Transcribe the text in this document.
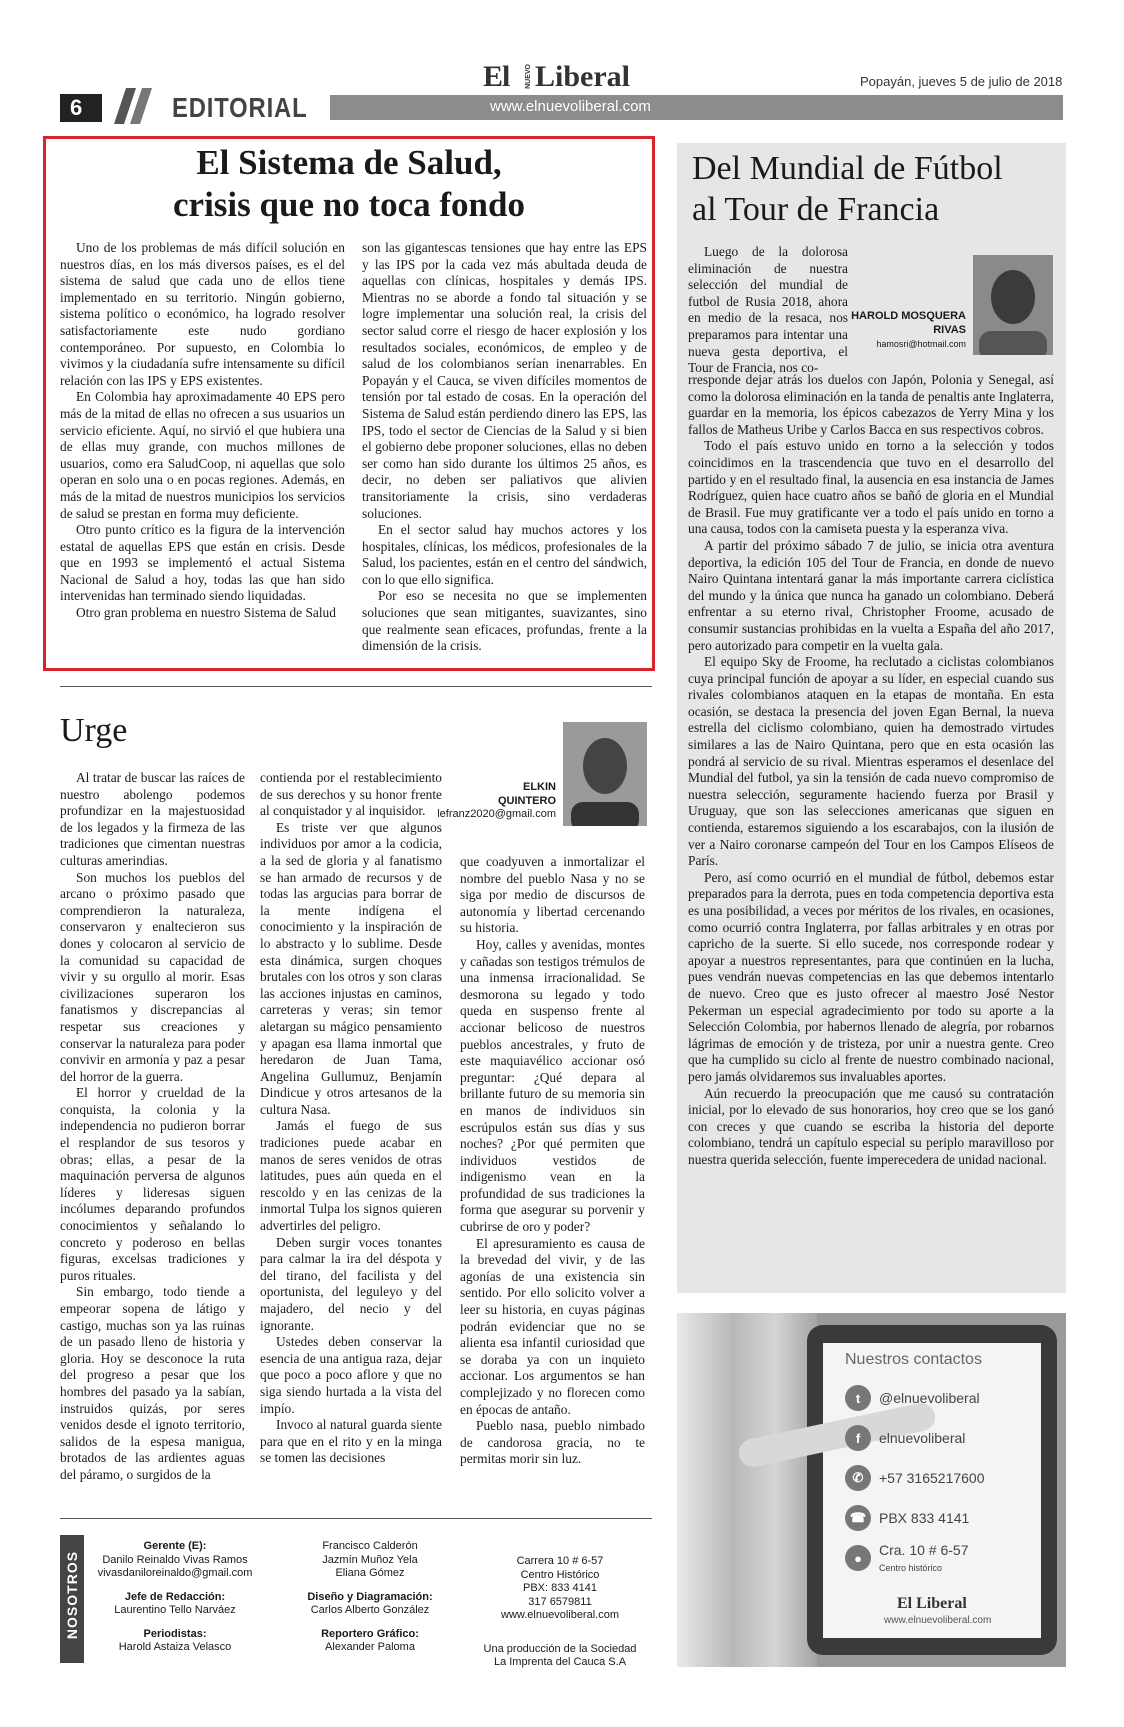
6	EDITORIAL	www.elnuevoliberal.com
El NUEVO Liberal	Popayán, jueves 5 de julio de 2018
El Sistema de Salud,
crisis que no toca fondo

Uno de los problemas de más difícil solución en nuestros días, en los más diversos países, es el del sistema de salud que cada uno de ellos tiene implementado en su territorio. Ningún gobierno, sistema político o económico, ha logrado resolver satisfactoriamente este nudo gordiano contemporáneo. Por supuesto, en Colombia lo vivimos y la ciudadanía sufre intensamente su difícil relación con las IPS y EPS existentes.

En Colombia hay aproximadamente 40 EPS pero más de la mitad de ellas no ofrecen a sus usuarios un servicio eficiente. Aquí, no sirvió el que hubiera una de ellas muy grande, con muchos millones de usuarios, como era SaludCoop, ni aquellas que solo operan en solo una o en pocas regiones. Además, en más de la mitad de nuestros municipios los servicios de salud se prestan en forma muy deficiente.

Otro punto crítico es la figura de la intervención estatal de aquellas EPS que están en crisis. Desde que en 1993 se implementó el actual Sistema Nacional de Salud a hoy, todas las que han sido intervenidas han terminado siendo liquidadas.

Otro gran problema en nuestro Sistema de Salud

son las gigantescas tensiones que hay entre las EPS y las IPS por la cada vez más abultada deuda de aquellas con clínicas, hospitales y demás IPS. Mientras no se aborde a fondo tal situación y se logre implementar una solución real, la crisis del sector salud corre el riesgo de hacer explosión y los resultados sociales, económicos, de empleo y de salud de los colombianos serían inenarrables. En Popayán y el Cauca, se viven difíciles momentos de tensión por tal estado de cosas. En la operación del Sistema de Salud están perdiendo dinero las EPS, las IPS, todo el sector de Ciencias de la Salud y si bien el gobierno debe proponer soluciones, ellas no deben ser como han sido durante los últimos 25 años, es decir, no deben ser paliativos que alivien transitoriamente la crisis, sino verdaderas soluciones.

En el sector salud hay muchos actores y los hospitales, clínicas, los médicos, profesionales de la Salud, los pacientes, están en el centro del sándwich, con lo que ello significa.

Por eso se necesita no que se implementen soluciones que sean mitigantes, suavizantes, sino que realmente sean eficaces, profundas, frente a la dimensión de la crisis.

Del Mundial de Fútbol
al Tour de Francia
HAROLD MOSQUERA
RIVAS
hamosri@hotmail.com

Luego de la dolorosa eliminación de nuestra selección del mundial de futbol de Rusia 2018, ahora en medio de la resaca, nos preparamos para intentar una nueva gesta deportiva, el Tour de Francia, nos co-

rresponde dejar atrás los duelos con Japón, Polonia y Senegal, así como la dolorosa eliminación en la tanda de penaltis ante Inglaterra, guardar en la memoria, los épicos cabezazos de Yerry Mina y los fallos de Matheus Uribe y Carlos Bacca en sus respectivos cobros.

Todo el país estuvo unido en torno a la selección y todos coincidimos en la trascendencia que tuvo en el desarrollo del partido y en el resultado final, la ausencia en esa instancia de James Rodríguez, quien hace cuatro años se bañó de gloria en el Mundial de Brasil. Fue muy gratificante ver a todo el país unido en torno a una causa, todos con la camiseta puesta y la esperanza viva.

A partir del próximo sábado 7 de julio, se inicia otra aventura deportiva, la edición 105 del Tour de Francia, en donde de nuevo Nairo Quintana intentará ganar la más importante carrera ciclística del mundo y la única que nunca ha ganado un colombiano. Deberá enfrentar a su eterno rival, Christopher Froome, acusado de consumir sustancias prohibidas en la vuelta a España del año 2017, pero autorizado para competir en la vuelta gala.

El equipo Sky de Froome, ha reclutado a ciclistas colombianos cuya principal función de apoyar a su líder, en especial cuando sus rivales colombianos ataquen en la etapas de montaña. En esta ocasión, se destaca la presencia del joven Egan Bernal, la nueva estrella del ciclismo colombiano, quien ha demostrado virtudes similares a las de Nairo Quintana, pero que en esta ocasión las pondrá al servicio de su rival. Mientras esperamos el desenlace del Mundial del futbol, ya sin la tensión de cada nuevo compromiso de nuestra selección, seguramente haciendo fuerza por Brasil y Uruguay, que son las selecciones americanas que siguen en contienda, estaremos siguiendo a los escarabajos, con la ilusión de ver a Nairo coronarse campeón del Tour en los Campos Elíseos de París.

Pero, así como ocurrió en el mundial de fútbol, debemos estar preparados para la derrota, pues en toda competencia deportiva esta es una posibilidad, a veces por méritos de los rivales, en ocasiones, como ocurrió contra Inglaterra, por fallas arbitrales y en otras por capricho de la suerte. Si ello sucede, nos corresponde rodear y apoyar a nuestros representantes, para que continúen en la lucha, pues vendrán nuevas competencias en las que debemos intentarlo de nuevo. Creo que es justo ofrecer al maestro José Nestor Pekerman un especial agradecimiento por todo su aporte a la Selección Colombia, por habernos llenado de alegría, por robarnos lágrimas de emoción y de tristeza, por unir a nuestra gente. Creo que ha cumplido su ciclo al frente de nuestro combinado nacional, pero jamás olvidaremos sus invaluables aportes.

Aún recuerdo la preocupación que me causó su contratación inicial, por lo elevado de sus honorarios, hoy creo que se los ganó con creces y que cuando se escriba la historia del deporte colombiano, tendrá un capítulo especial su periplo maravilloso por nuestra querida selección, fuente imperecedera de unidad nacional.

Urge
ELKIN
QUINTERO
lefranz2020@gmail.com

Al tratar de buscar las raíces de nuestro abolengo podemos profundizar en la majestuosidad de los legados y la firmeza de las tradiciones que cimentan nuestras culturas amerindias.

Son muchos los pueblos del arcano o próximo pasado que comprendieron la naturaleza, conservaron y enaltecieron sus dones y colocaron al servicio de la comunidad su capacidad de vivir y su orgullo al morir. Esas civilizaciones superaron los fanatismos y discrepancias al respetar sus creaciones y conservar la naturaleza para poder convivir en armonía y paz a pesar del horror de la guerra.

El horror y crueldad de la conquista, la colonia y la independencia no pudieron borrar el resplandor de sus tesoros y obras; ellas, a pesar de la maquinación perversa de algunos líderes y lideresas siguen incólumes deparando profundos conocimientos y señalando lo concreto y poderoso en bellas figuras, excelsas tradiciones y puros rituales.

Sin embargo, todo tiende a empeorar sopena de látigo y castigo, muchas son ya las ruinas de un pasado lleno de historia y gloria. Hoy se desconoce la ruta del progreso a pesar que los hombres del pasado ya la sabían, instruidos quizás, por seres venidos desde el ignoto territorio, salidos de la espesa manigua, brotados de las ardientes aguas del páramo, o surgidos de la

contienda por el restablecimiento de sus derechos y su honor frente al conquistador y al inquisidor.

Es triste ver que algunos individuos por amor a la codicia, a la sed de gloria y al fanatismo se han armado de recursos y de todas las argucias para borrar de la mente indígena el conocimiento y la inspiración de lo abstracto y lo sublime. Desde esta dinámica, surgen choques brutales con los otros y son claras las acciones injustas en caminos, carreteras y veras; sin temor aletargan su mágico pensamiento y apagan esa llama inmortal que heredaron de Juan Tama, Angelina Gullumuz, Benjamín Dindicue y otros artesanos de la cultura Nasa.

Jamás el fuego de sus tradiciones puede acabar en manos de seres venidos de otras latitudes, pues aún queda en el rescoldo y en las cenizas de la inmortal Tulpa los signos quieren advertirles del peligro.

Deben surgir voces tonantes para calmar la ira del déspota y del tirano, del facilista y del oportunista, del leguleyo y del majadero, del necio y del ignorante.

Ustedes deben conservar la esencia de una antigua raza, dejar que poco a poco aflore y que no siga siendo hurtada a la vista del impío.

Invoco al natural guarda siente para que en el rito y en la minga se tomen las decisiones

que coadyuven a inmortalizar el nombre del pueblo Nasa y no se siga por medio de discursos de autonomía y libertad cercenando su historia.

Hoy, calles y avenidas, montes y cañadas son testigos trémulos de una inmensa irracionalidad. Se desmorona su legado y todo queda en suspenso frente al accionar belicoso de nuestros pueblos ancestrales, y fruto de este maquiavélico accionar osó preguntar: ¿Qué depara al brillante futuro de su memoria sin en manos de individuos sin escrúpulos están sus días y sus noches? ¿Por qué permiten que individuos vestidos de indigenismo vean en la profundidad de sus tradiciones la forma que asegurar su porvenir y cubrirse de oro y poder?

El apresuramiento es causa de la brevedad del vivir, y de las agonías de una existencia sin sentido. Por ello solicito volver a leer su historia, en cuyas páginas podrán evidenciar que no se alienta esa infantil curiosidad que se doraba ya con un inquieto accionar. Los argumentos se han complejizado y no florecen como en épocas de antaño.

Pueblo nasa, pueblo nimbado de candorosa gracia, no te permitas morir sin luz.

NOSOTROS
Gerente (E):
Danilo Reinaldo Vivas Ramos
vivasdaniloreinaldo@gmail.com
Jefe de Redacción:
Laurentino Tello Narváez
Periodistas:
Harold Astaiza Velasco
Francisco Calderón
Jazmín Muñoz Yela
Eliana Gómez
Diseño y Diagramación:
Carlos Alberto González
Reportero Gráfico:
Alexander Paloma
Carrera 10 # 6-57
Centro Histórico
PBX: 833 4141
317 6579811
www.elnuevoliberal.com
Una producción de la Sociedad
La Imprenta del Cauca S.A
Nuestros contactos
t	@elnuevoliberal
f	elnuevoliberal
✆	+57 3165217600
☎ PBX 833 4141
●	Cra. 10 # 6-57
Centro histórico
El Liberal
www.elnuevoliberal.com
